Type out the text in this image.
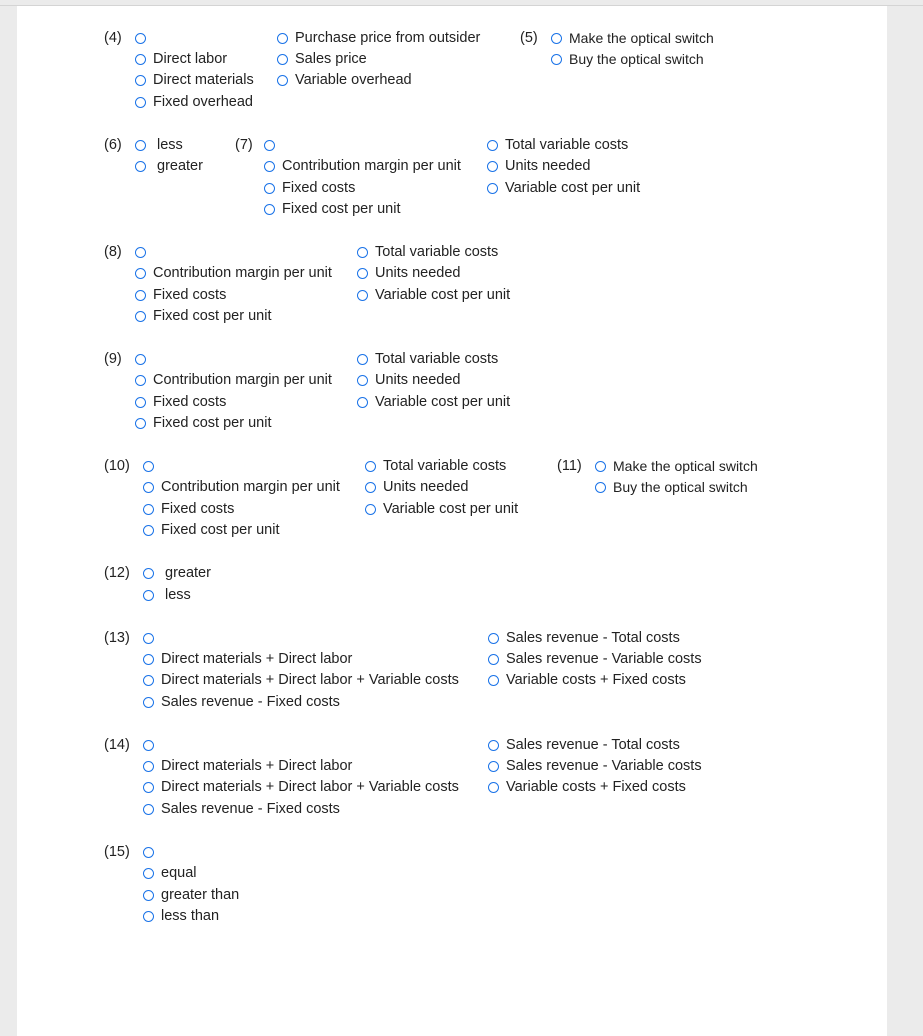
(4)
Direct labor
Direct materials
Fixed overhead
Purchase price from outsider
Sales price
Variable overhead
(5) Make the optical switch
Buy the optical switch
(6) less
greater
(7)
Contribution margin per unit
Fixed costs
Fixed cost per unit
Total variable costs
Units needed
Variable cost per unit
(8)
Contribution margin per unit
Fixed costs
Fixed cost per unit
Total variable costs
Units needed
Variable cost per unit
(9)
Contribution margin per unit
Fixed costs
Fixed cost per unit
Total variable costs
Units needed
Variable cost per unit
(10)
Contribution margin per unit
Fixed costs
Fixed cost per unit
Total variable costs
Units needed
Variable cost per unit
(11) Make the optical switch
Buy the optical switch
(12) greater
less
(13)
Direct materials + Direct labor
Direct materials + Direct labor + Variable costs
Sales revenue - Fixed costs
Sales revenue - Total costs
Sales revenue - Variable costs
Variable costs + Fixed costs
(14)
Direct materials + Direct labor
Direct materials + Direct labor + Variable costs
Sales revenue - Fixed costs
Sales revenue - Total costs
Sales revenue - Variable costs
Variable costs + Fixed costs
(15)
equal
greater than
less than
